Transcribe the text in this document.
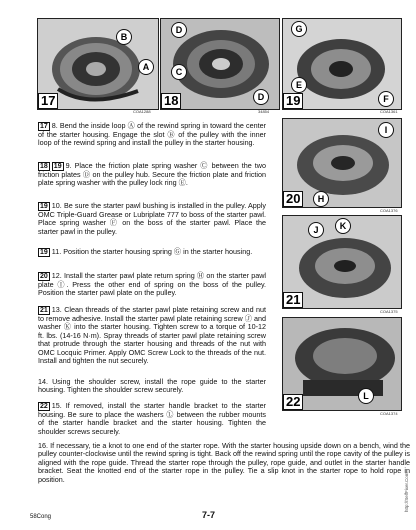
17
B
A
COA1288
18
D
C
D
34854
19
G
E
F
COA1361
20
I
H
COA1376
21
J	K
COA1375
22	L
COA1374
17 8. Bend the inside loop Ⓐ of the rewind spring in toward the center of the starter housing. Engage the slot Ⓑ of the pulley with the inner loop of the rewind spring and install the pulley in the starter housing.
18 19 9. Place the friction plate spring washer Ⓒ between the two friction plates Ⓓ on the pulley hub. Secure the friction plate and friction plate spring washer with the pulley lock ring Ⓔ.
19 10. Be sure the starter pawl bushing is installed in the pulley. Apply OMC Triple-Guard Grease or Lubriplate 777 to boss of the starter pawl. Place spring washer Ⓕ on the boss of the starter pawl. Place the starter pawl in the pulley.
19 11. Position the starter housing spring Ⓖ in the starter housing.
20 12. Install the starter pawl plate return spring Ⓗ on the starter pawl plate Ⓘ. Press the other end of spring on the boss of the pulley. Position the starter pawl plate on the pulley.
21 13. Clean threads of the starter pawl plate retaining screw and nut to remove adhesive. Install the starter pawl plate retaining screw Ⓙ and washer Ⓚ into the starter housing. Tighten screw to a torque of 10-12 ft. lbs. (14-16 N·m). Spray threads of starter pawl plate retaining screw that protrude through the starter housing and threads of the nut with OMC Locquic Primer. Apply OMC Screw Lock to the threads of the nut. Install and tighten the nut securely.
14. Using the shoulder screw, install the rope guide to the starter housing. Tighten the shoulder screw securely.
22 15. If removed, install the starter handle bracket to the starter housing. Be sure to place the washers Ⓛ between the rubber mounts of the starter handle bracket and the starter housing. Tighten the shoulder screws securely.
16. If necessary, tie a knot to one end of the starter rope. With the starter housing upside down on a bench, wind the pulley counter-clockwise until the rewind spring is tight. Back off the rewind spring until the rope cavity of the pulley is aligned with the rope guide. Thread the starter rope through the pulley, rope guide, and outlet in the starter handle bracket. Seat the knotted end of the starter rope in the pulley. Tie a slip knot in the starter rope to hold rope in position.
58Cong	7-7
http://SelfFixer.Com
